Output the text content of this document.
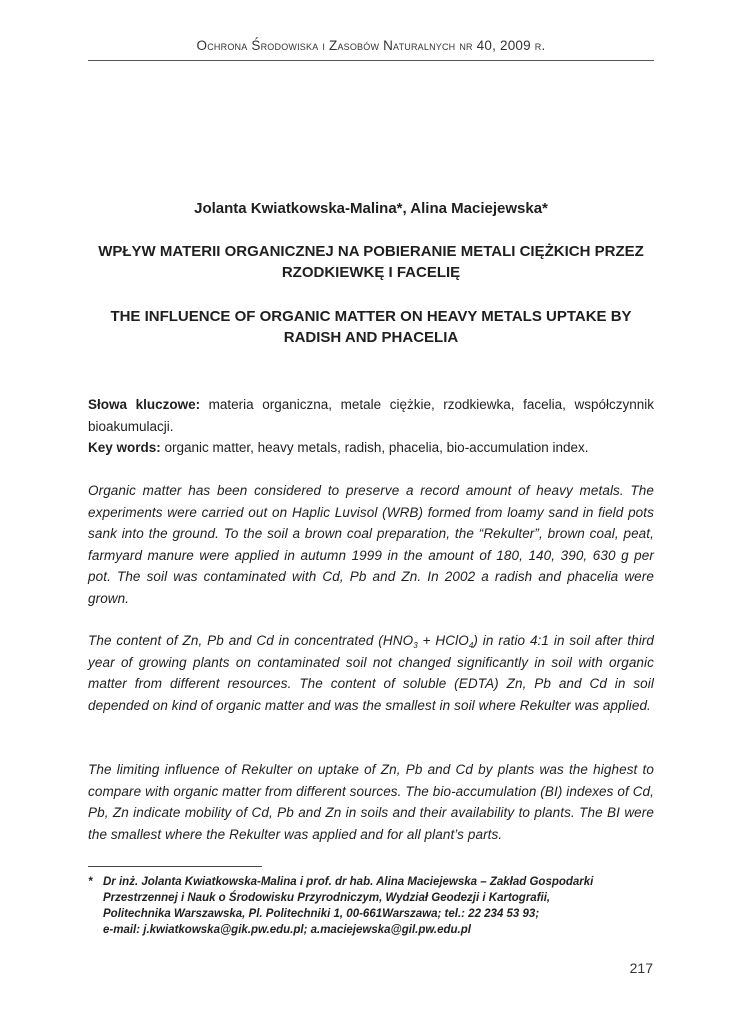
Ochrona Środowiska i Zasobów Naturalnych nr 40, 2009 r.
Jolanta Kwiatkowska-Malina*, Alina Maciejewska*
WPŁYW MATERII ORGANICZNEJ NA POBIERANIE METALI CIĘŻKICH PRZEZ RZODKIEWKĘ I FACELIĘ
THE INFLUENCE OF ORGANIC MATTER ON HEAVY METALS UPTAKE BY RADISH AND PHACELIA

Słowa kluczowe: materia organiczna, metale ciężkie, rzodkiewka, facelia, współczynnik bioakumulacji.

Key words: organic matter, heavy metals, radish, phacelia, bio-accumulation index.

Organic matter has been considered to preserve a record amount of heavy metals. The experiments were carried out on Haplic Luvisol (WRB) formed from loamy sand in field pots sank into the ground. To the soil a brown coal preparation, the “Rekulter”, brown coal, peat, farmyard manure were applied in autumn 1999 in the amount of 180, 140, 390, 630 g per pot. The soil was contaminated with Cd, Pb and Zn. In 2002 a radish and phacelia were grown.

The content of Zn, Pb and Cd in concentrated ($HNO_3$ + HClO$_4$) in ratio 4:1 in soil after third year of growing plants on contaminated soil not changed significantly in soil with organic matter from different resources. The content of soluble (EDTA) Zn, Pb and Cd in soil depended on kind of organic matter and was the smallest in soil where Rekulter was applied.

The limiting influence of Rekulter on uptake of Zn, Pb and Cd by plants was the highest to compare with organic matter from different sources. The bio-accumulation (BI) indexes of Cd, Pb, Zn indicate mobility of Cd, Pb and Zn in soils and their availability to plants. The BI were the smallest where the Rekulter was applied and for all plant’s parts.

* Dr inż. Jolanta Kwiatkowska-Malina i prof. dr hab. Alina Maciejewska – Zakład Gospodarki
Przestrzennej i Nauk o Środowisku Przyrodniczym, Wydział Geodezji i Kartografii,
Politechnika Warszawska, Pl. Politechniki 1, 00-661Warszawa; tel.: 22 234 53 93;
e-mail: j.kwiatkowska@gik.pw.edu.pl; a.maciejewska@gil.pw.edu.pl
217
